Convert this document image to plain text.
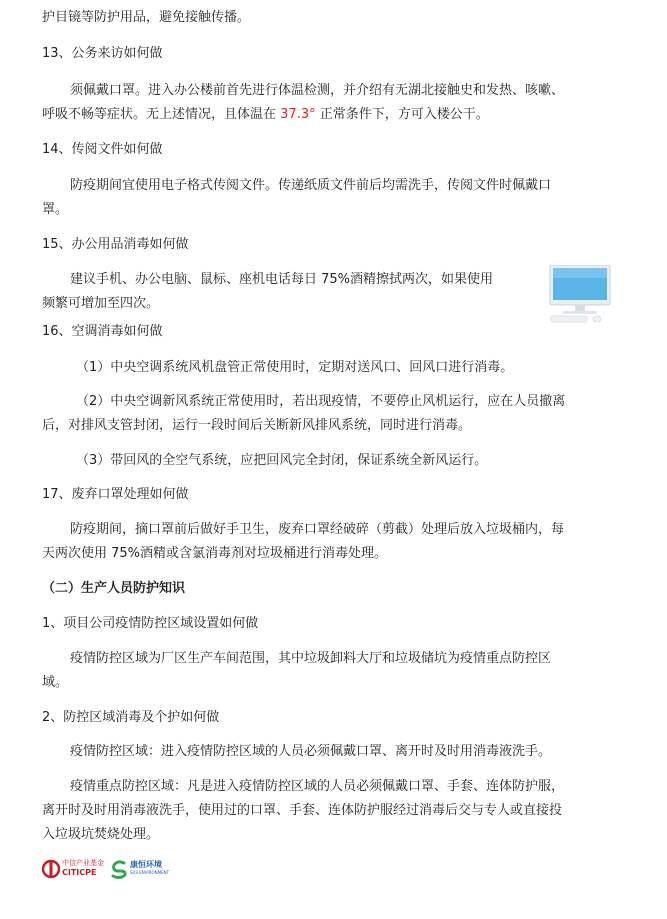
护目镜等防护用品，避免接触传播。
13、公务来访如何做
须佩戴口罩。进入办公楼前首先进行体温检测，并介绍有无湖北接触史和发热、咳嗽、
呼吸不畅等症状。无上述情况，且体温在 37.3° 正常条件下，方可入楼公干。
14、传阅文件如何做
防疫期间宜使用电子格式传阅文件。传递纸质文件前后均需洗手，传阅文件时佩戴口
罩。
15、办公用品消毒如何做
建议手机、办公电脑、鼠标、座机电话每日 75%酒精擦拭两次，如果使用
频繁可增加至四次。
16、空调消毒如何做
（1）中央空调系统风机盘管正常使用时，定期对送风口、回风口进行消毒。
（2）中央空调新风系统正常使用时，若出现疫情，不要停止风机运行，应在人员撤离
后，对排风支管封闭，运行一段时间后关断新风排风系统，同时进行消毒。
（3）带回风的全空气系统，应把回风完全封闭，保证系统全新风运行。
17、废弃口罩处理如何做
防疫期间，摘口罩前后做好手卫生，废弃口罩经破碎（剪截）处理后放入垃圾桶内，每
天两次使用 75%酒精或含氯消毒剂对垃圾桶进行消毒处理。
（二）生产人员防护知识
1、项目公司疫情防控区域设置如何做
疫情防控区域为厂区生产车间范围，其中垃圾卸料大厅和垃圾储坑为疫情重点防控区
域。
2、防控区域消毒及个护如何做
疫情防控区域：进入疫情防控区域的人员必须佩戴口罩、离开时及时用消毒液洗手。
疫情重点防控区域：凡是进入疫情防控区域的人员必须佩戴口罩、手套、连体防护服，
离开时及时用消毒液洗手，使用过的口罩、手套、连体防护服经过消毒后交与专人或直接投
入垃圾坑焚烧处理。
中信产业基金
CITICPE
康恒环境
SUS ENVIRONMENT
